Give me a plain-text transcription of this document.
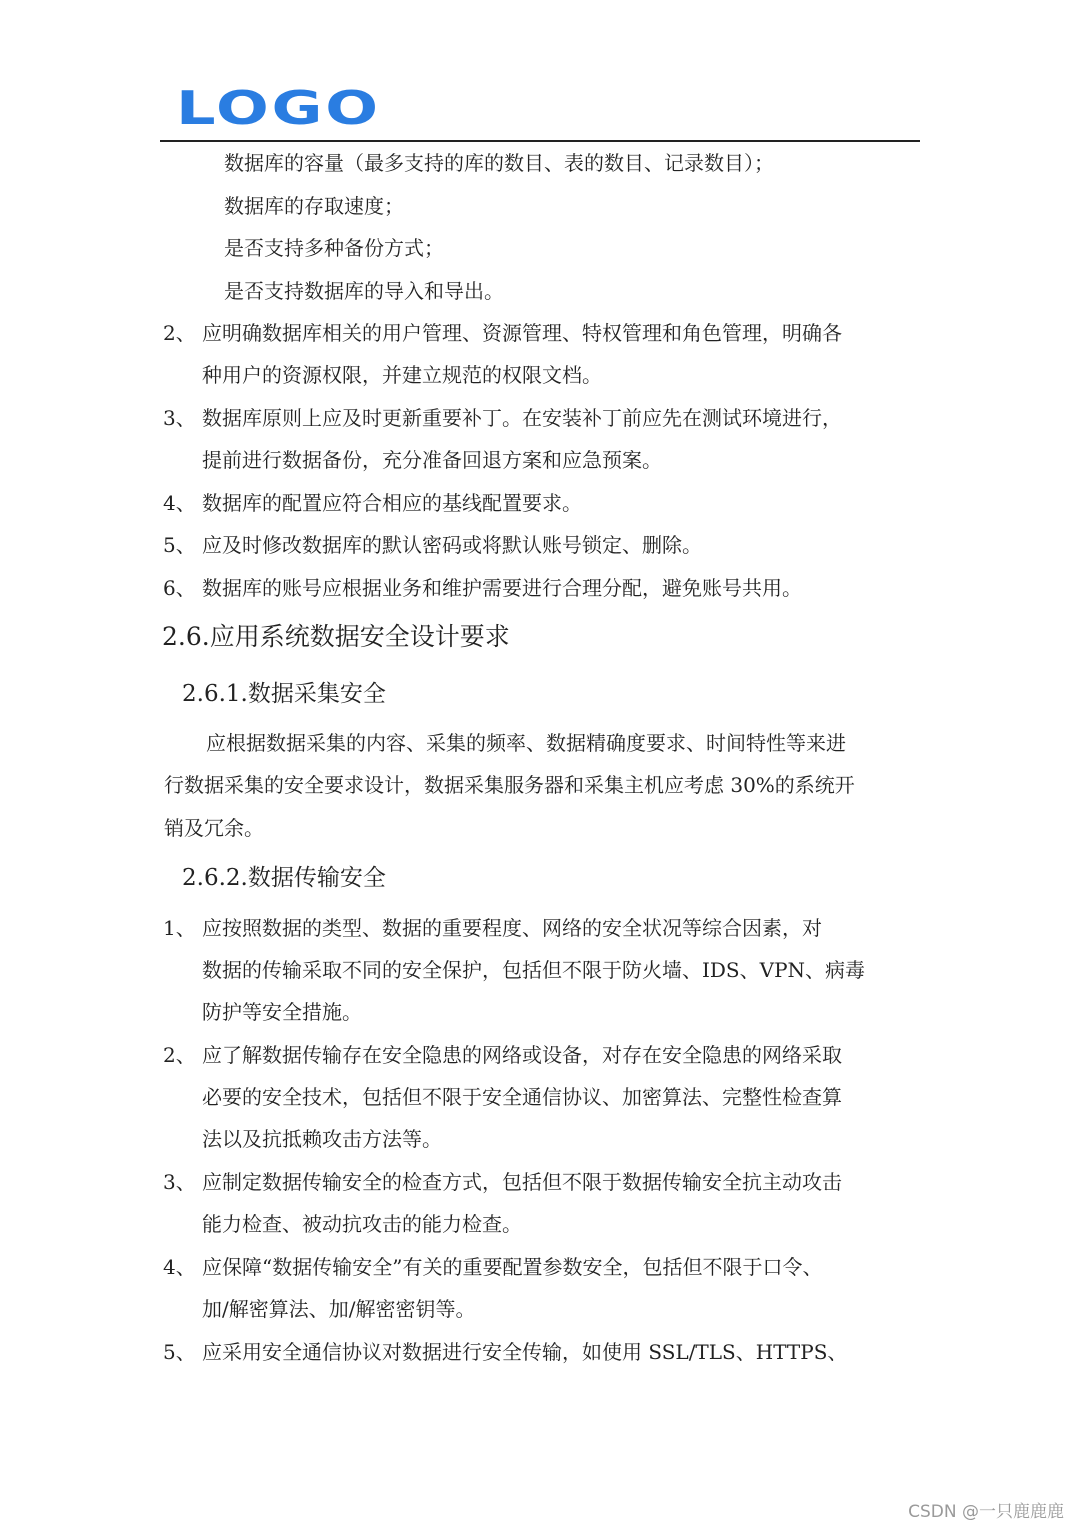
LOGO
数据库的容量（最多支持的库的数目、表的数目、记录数目）；
数据库的存取速度；
是否支持多种备份方式；
是否支持数据库的导入和导出。
2、 应明确数据库相关的用户管理、资源管理、特权管理和角色管理，明确各
种用户的资源权限，并建立规范的权限文档。
3、 数据库原则上应及时更新重要补丁。在安装补丁前应先在测试环境进行，
提前进行数据备份，充分准备回退方案和应急预案。
4、 数据库的配置应符合相应的基线配置要求。
5、 应及时修改数据库的默认密码或将默认账号锁定、删除。
6、 数据库的账号应根据业务和维护需要进行合理分配，避免账号共用。
2.6.应用系统数据安全设计要求
2.6.1.数据采集安全
应根据数据采集的内容、采集的频率、数据精确度要求、时间特性等来进
行数据采集的安全要求设计，数据采集服务器和采集主机应考虑 30%的系统开
销及冗余。
2.6.2.数据传输安全
1、 应按照数据的类型、数据的重要程度、网络的安全状况等综合因素，对
数据的传输采取不同的安全保护，包括但不限于防火墙、IDS、VPN、病毒
防护等安全措施。
2、 应了解数据传输存在安全隐患的网络或设备，对存在安全隐患的网络采取
必要的安全技术，包括但不限于安全通信协议、加密算法、完整性检查算
法以及抗抵赖攻击方法等。
3、 应制定数据传输安全的检查方式，包括但不限于数据传输安全抗主动攻击
能力检查、被动抗攻击的能力检查。
4、 应保障“数据传输安全”有关的重要配置参数安全，包括但不限于口令、
加/解密算法、加/解密密钥等。
5、 应采用安全通信协议对数据进行安全传输，如使用 SSL/TLS、HTTPS、
CSDN @一只鹿鹿鹿
